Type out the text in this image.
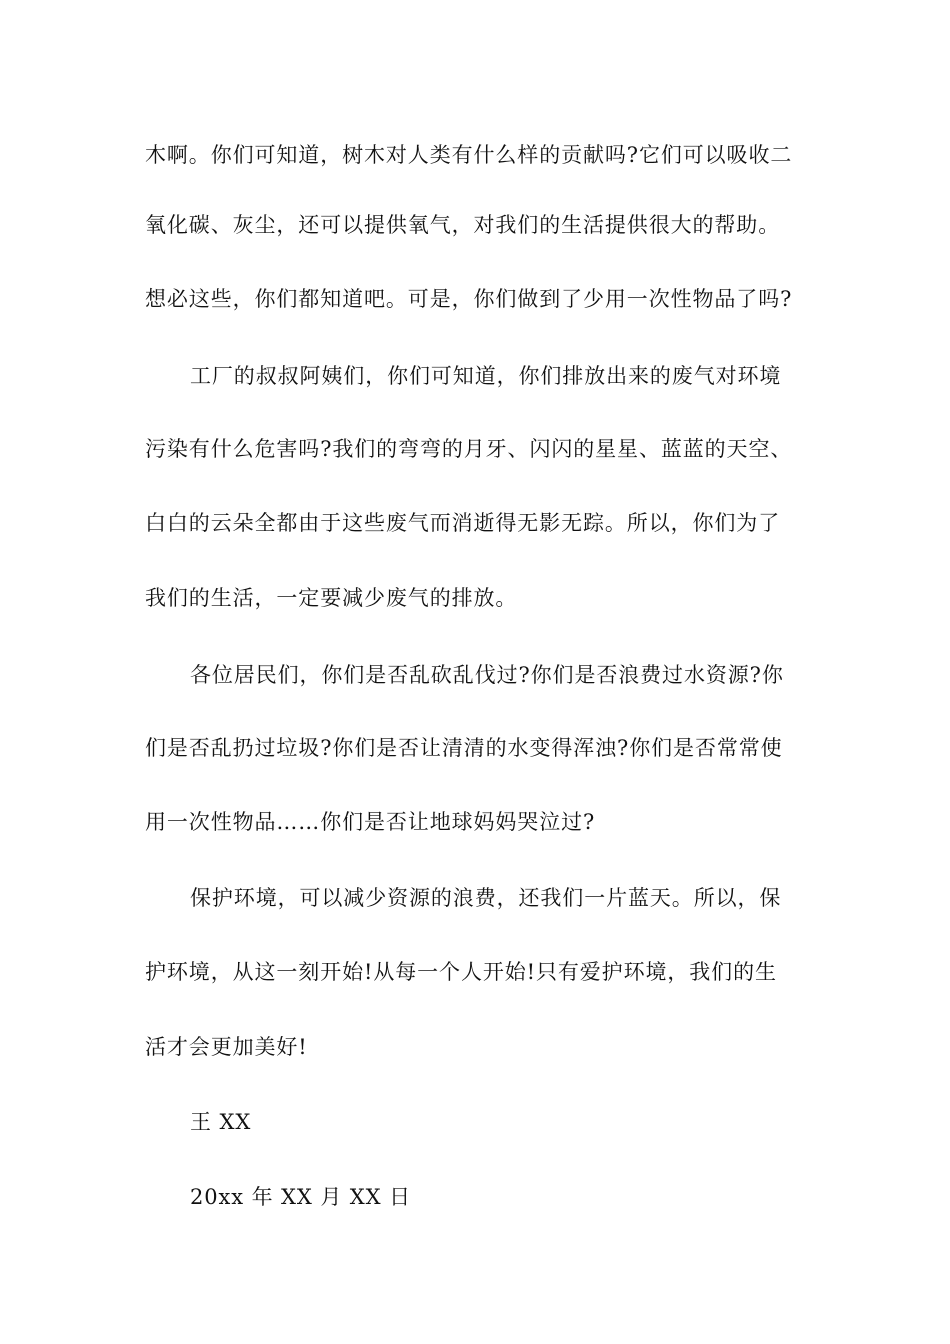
木啊。你们可知道，树木对人类有什么样的贡献吗?它们可以吸收二

氧化碳、灰尘，还可以提供氧气，对我们的生活提供很大的帮助。

想必这些，你们都知道吧。可是，你们做到了少用一次性物品了吗?

工厂的叔叔阿姨们，你们可知道，你们排放出来的废气对环境

污染有什么危害吗?我们的弯弯的月牙、闪闪的星星、蓝蓝的天空、

白白的云朵全都由于这些废气而消逝得无影无踪。所以，你们为了

我们的生活，一定要减少废气的排放。

各位居民们，你们是否乱砍乱伐过?你们是否浪费过水资源?你

们是否乱扔过垃圾?你们是否让清清的水变得浑浊?你们是否常常使

用一次性物品……你们是否让地球妈妈哭泣过?

保护环境，可以减少资源的浪费，还我们一片蓝天。所以，保

护环境，从这一刻开始!从每一个人开始!只有爱护环境，我们的生

活才会更加美好!

王 XX

20xx 年 XX 月 XX 日
